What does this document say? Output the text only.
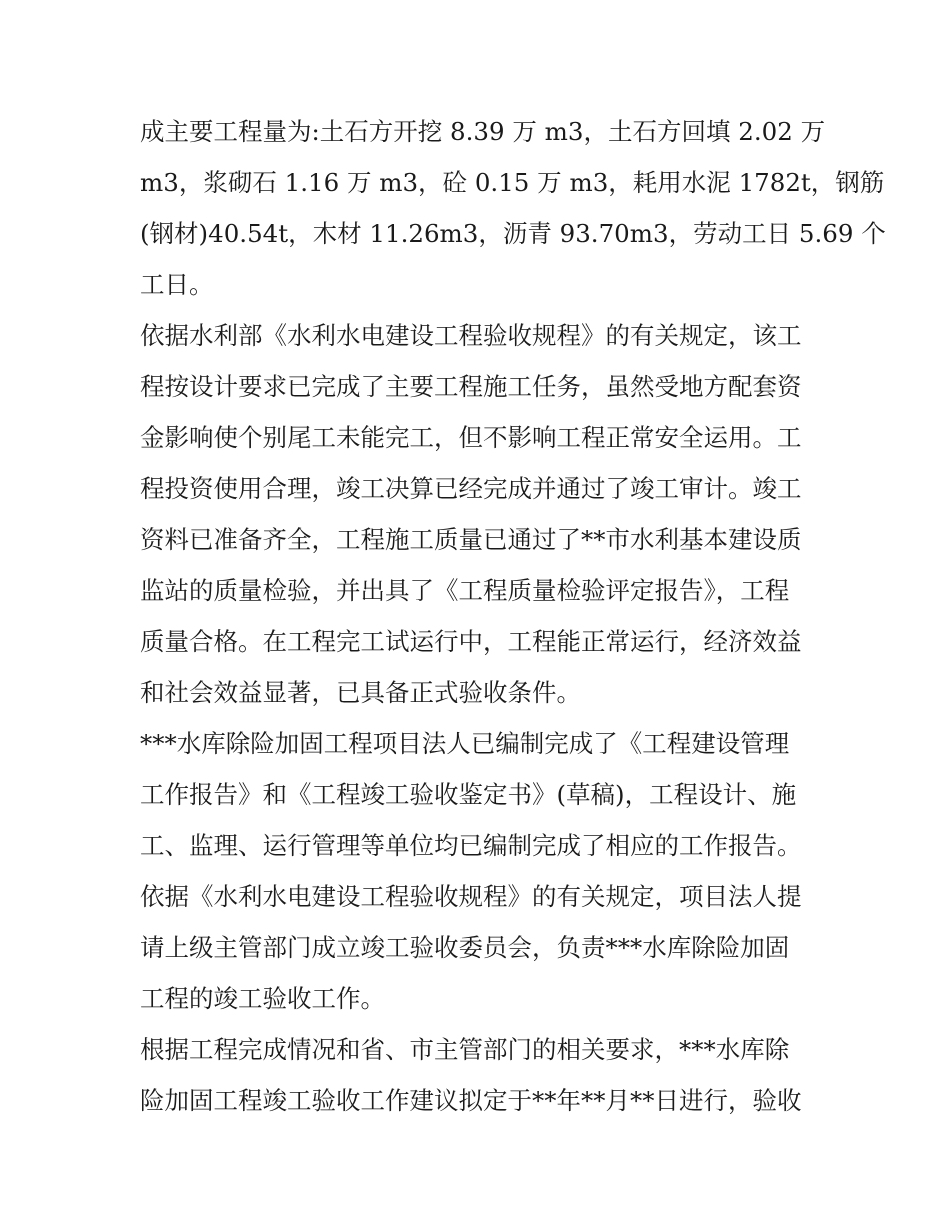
成主要工程量为:土石方开挖 8.39 万 m3，土石方回填 2.02 万
m3，浆砌石 1.16 万 m3，砼 0.15 万 m3，耗用水泥 1782t，钢筋
(钢材)40.54t，木材 11.26m3，沥青 93.70m3，劳动工日 5.69 个
工日。
依据水利部《水利水电建设工程验收规程》的有关规定，该工
程按设计要求已完成了主要工程施工任务，虽然受地方配套资
金影响使个别尾工未能完工，但不影响工程正常安全运用。工
程投资使用合理，竣工决算已经完成并通过了竣工审计。竣工
资料已准备齐全，工程施工质量已通过了**市水利基本建设质
监站的质量检验，并出具了《工程质量检验评定报告》，工程
质量合格。在工程完工试运行中，工程能正常运行，经济效益
和社会效益显著，已具备正式验收条件。
***水库除险加固工程项目法人已编制完成了《工程建设管理
工作报告》和《工程竣工验收鉴定书》(草稿)，工程设计、施
工、监理、运行管理等单位均已编制完成了相应的工作报告。
依据《水利水电建设工程验收规程》的有关规定，项目法人提
请上级主管部门成立竣工验收委员会，负责***水库除险加固
工程的竣工验收工作。
根据工程完成情况和省、市主管部门的相关要求，***水库除
险加固工程竣工验收工作建议拟定于**年**月**日进行，验收
